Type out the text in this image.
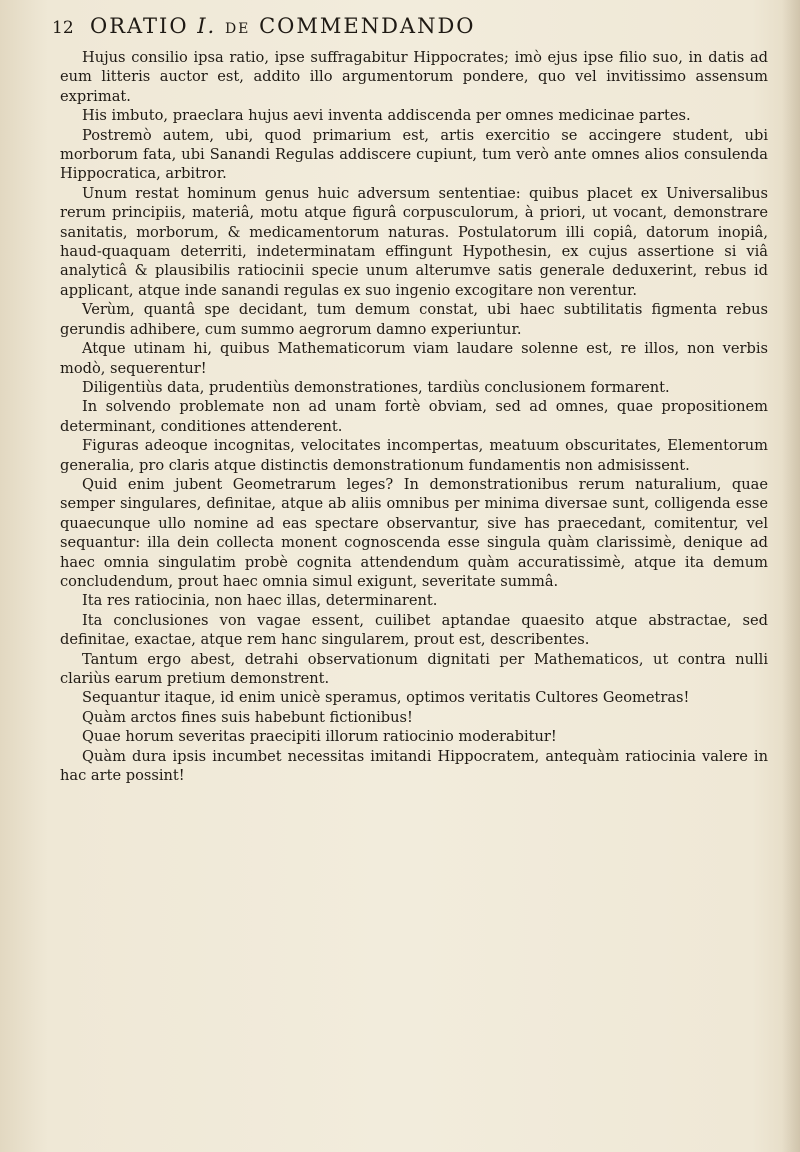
12 ORATIO I. DE COMMENDANDO

Hujus consilio ipsa ratio, ipse suffragabitur Hippocrates; imò ejus ipse filio suo, in datis ad eum litteris auctor est, addito illo argumentorum pondere, quo vel invitissimo assensum exprimat.

His imbuto, praeclara hujus aevi inventa addiscenda per omnes medicinae partes.

Postremò autem, ubi, quod primarium est, artis exercitio se accingere student, ubi morborum fata, ubi Sanandi Regulas addiscere cupiunt, tum verò ante omnes alios consulenda Hippocratica, arbitror.

Unum restat hominum genus huic adversum sententiae: quibus placet ex Universalibus rerum principiis, materiâ, motu atque figurâ corpusculorum, à priori, ut vocant, demonstrare sanitatis, morborum, & medicamentorum naturas. Postulatorum illi copiâ, datorum inopiâ, haud-quaquam deterriti, indeterminatam effingunt Hypothesin, ex cujus assertione si viâ analyticâ & plausibilis ratiocinii specie unum alterumve satis generale deduxerint, rebus id applicant, atque inde sanandi regulas ex suo ingenio excogitare non verentur.

Verùm, quantâ spe decidant, tum demum constat, ubi haec subtilitatis figmenta rebus gerundis adhibere, cum summo aegrorum damno experiuntur.

Atque utinam hi, quibus Mathematicorum viam laudare solenne est, re illos, non verbis modò, sequerentur!

Diligentiùs data, prudentiùs demonstrationes, tardiùs conclusionem formarent.

In solvendo problemate non ad unam fortè obviam, sed ad omnes, quae propositionem determinant, conditiones attenderent.

Figuras adeoque incognitas, velocitates incompertas, meatuum obscuritates, Elementorum generalia, pro claris atque distinctis demonstrationum fundamentis non admisissent.

Quid enim jubent Geometrarum leges? In demonstrationibus rerum naturalium, quae semper singulares, definitae, atque ab aliis omnibus per minima diversae sunt, colligenda esse quaecunque ullo nomine ad eas spectare observantur, sive has praecedant, comitentur, vel sequantur: illa dein collecta monent cognoscenda esse singula quàm clarissimè, denique ad haec omnia singulatim probè cognita attendendum quàm accuratissimè, atque ita demum concludendum, prout haec omnia simul exigunt, severitate summâ.

Ita res ratiocinia, non haec illas, determinarent.

Ita conclusiones von vagae essent, cuilibet aptandae quaesito atque abstractae, sed definitae, exactae, atque rem hanc singularem, prout est, describentes.

Tantum ergo abest, detrahi observationum dignitati per Mathematicos, ut contra nulli clariùs earum pretium demonstrent.

Sequantur itaque, id enim unicè speramus, optimos veritatis Cultores Geometras!

Quàm arctos fines suis habebunt fictionibus!

Quae horum severitas praecipiti illorum ratiocinio moderabitur!

Quàm dura ipsis incumbet necessitas imitandi Hippocratem, antequàm ratiocinia valere in hac arte possint!
